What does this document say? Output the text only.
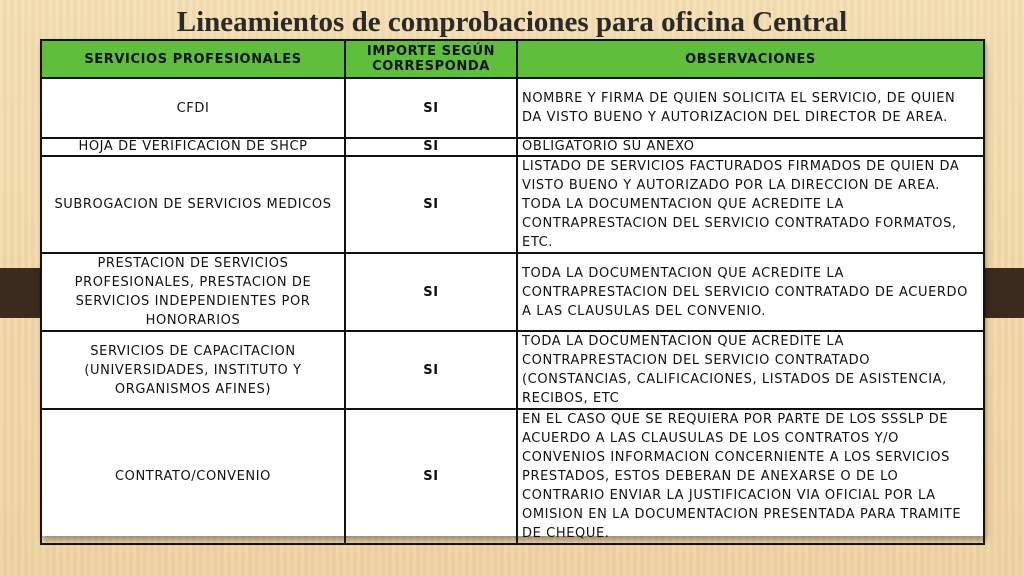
Lineamientos de comprobaciones para oficina Central
SERVICIOS PROFESIONALES	IMPORTE SEGÚN CORRESPONDA	OBSERVACIONES
CFDI	SI	NOMBRE Y FIRMA DE QUIEN SOLICITA EL SERVICIO, DE QUIEN DA VISTO BUENO Y AUTORIZACION DEL DIRECTOR DE AREA.
HOJA DE VERIFICACION DE SHCP	SI	OBLIGATORIO SU ANEXO
SUBROGACION DE SERVICIOS MEDICOS	SI	LISTADO DE SERVICIOS FACTURADOS FIRMADOS DE QUIEN DA VISTO BUENO Y AUTORIZADO POR LA DIRECCION DE AREA. TODA LA DOCUMENTACION QUE ACREDITE LA CONTRAPRESTACION DEL SERVICIO CONTRATADO FORMATOS, ETC.
PRESTACION DE SERVICIOS PROFESIONALES, PRESTACION DE SERVICIOS INDEPENDIENTES POR HONORARIOS	SI	TODA LA DOCUMENTACION QUE ACREDITE LA CONTRAPRESTACION DEL SERVICIO CONTRATADO DE ACUERDO A LAS CLAUSULAS DEL CONVENIO.
SERVICIOS DE CAPACITACION (UNIVERSIDADES, INSTITUTO Y ORGANISMOS AFINES)	SI	TODA LA DOCUMENTACION QUE ACREDITE LA CONTRAPRESTACION DEL SERVICIO CONTRATADO (CONSTANCIAS, CALIFICACIONES, LISTADOS DE ASISTENCIA, RECIBOS, ETC
CONTRATO/CONVENIO	SI	EN EL CASO QUE SE REQUIERA POR PARTE DE LOS SSSLP DE ACUERDO A LAS CLAUSULAS DE LOS CONTRATOS Y/O CONVENIOS INFORMACION CONCERNIENTE A LOS SERVICIOS PRESTADOS, ESTOS DEBERAN DE ANEXARSE O DE LO CONTRARIO ENVIAR LA JUSTIFICACION VIA OFICIAL POR LA OMISION EN LA DOCUMENTACION PRESENTADA PARA TRAMITE DE CHEQUE.
